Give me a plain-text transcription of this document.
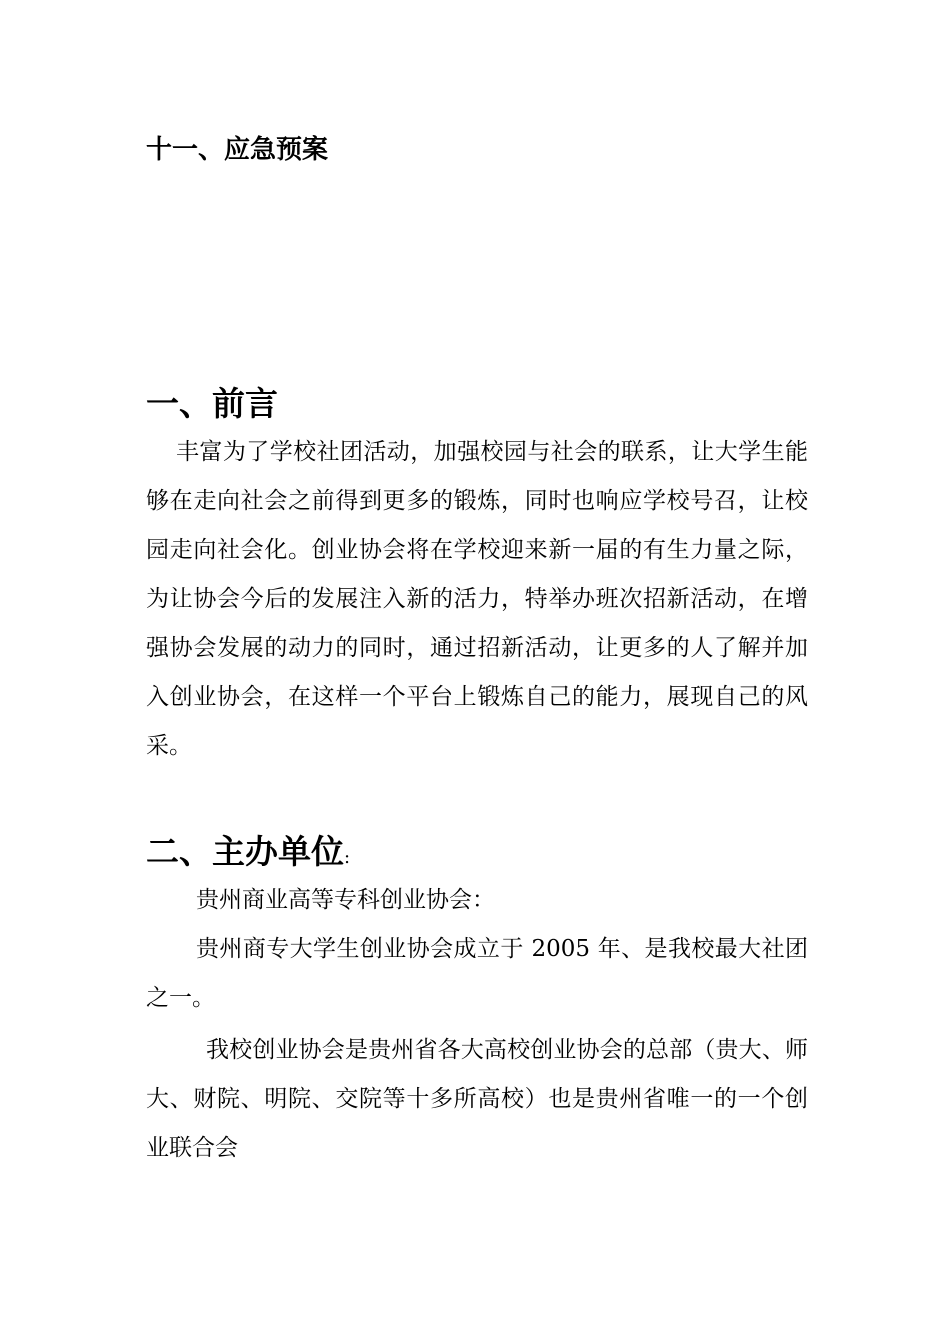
十一、应急预案
一、前言

丰富为了学校社团活动，加强校园与社会的联系，让大学生能够在走向社会之前得到更多的锻炼，同时也响应学校号召，让校园走向社会化。创业协会将在学校迎来新一届的有生力量之际，为让协会今后的发展注入新的活力，特举办班次招新活动，在增强协会发展的动力的同时，通过招新活动，让更多的人了解并加入创业协会，在这样一个平台上锻炼自己的能力，展现自己的风采。

二、主办单位:

贵州商业高等专科创业协会：

贵州商专大学生创业协会成立于 2005 年、是我校最大社团之一。

我校创业协会是贵州省各大高校创业协会的总部（贵大、师大、财院、明院、交院等十多所高校）也是贵州省唯一的一个创业联合会
